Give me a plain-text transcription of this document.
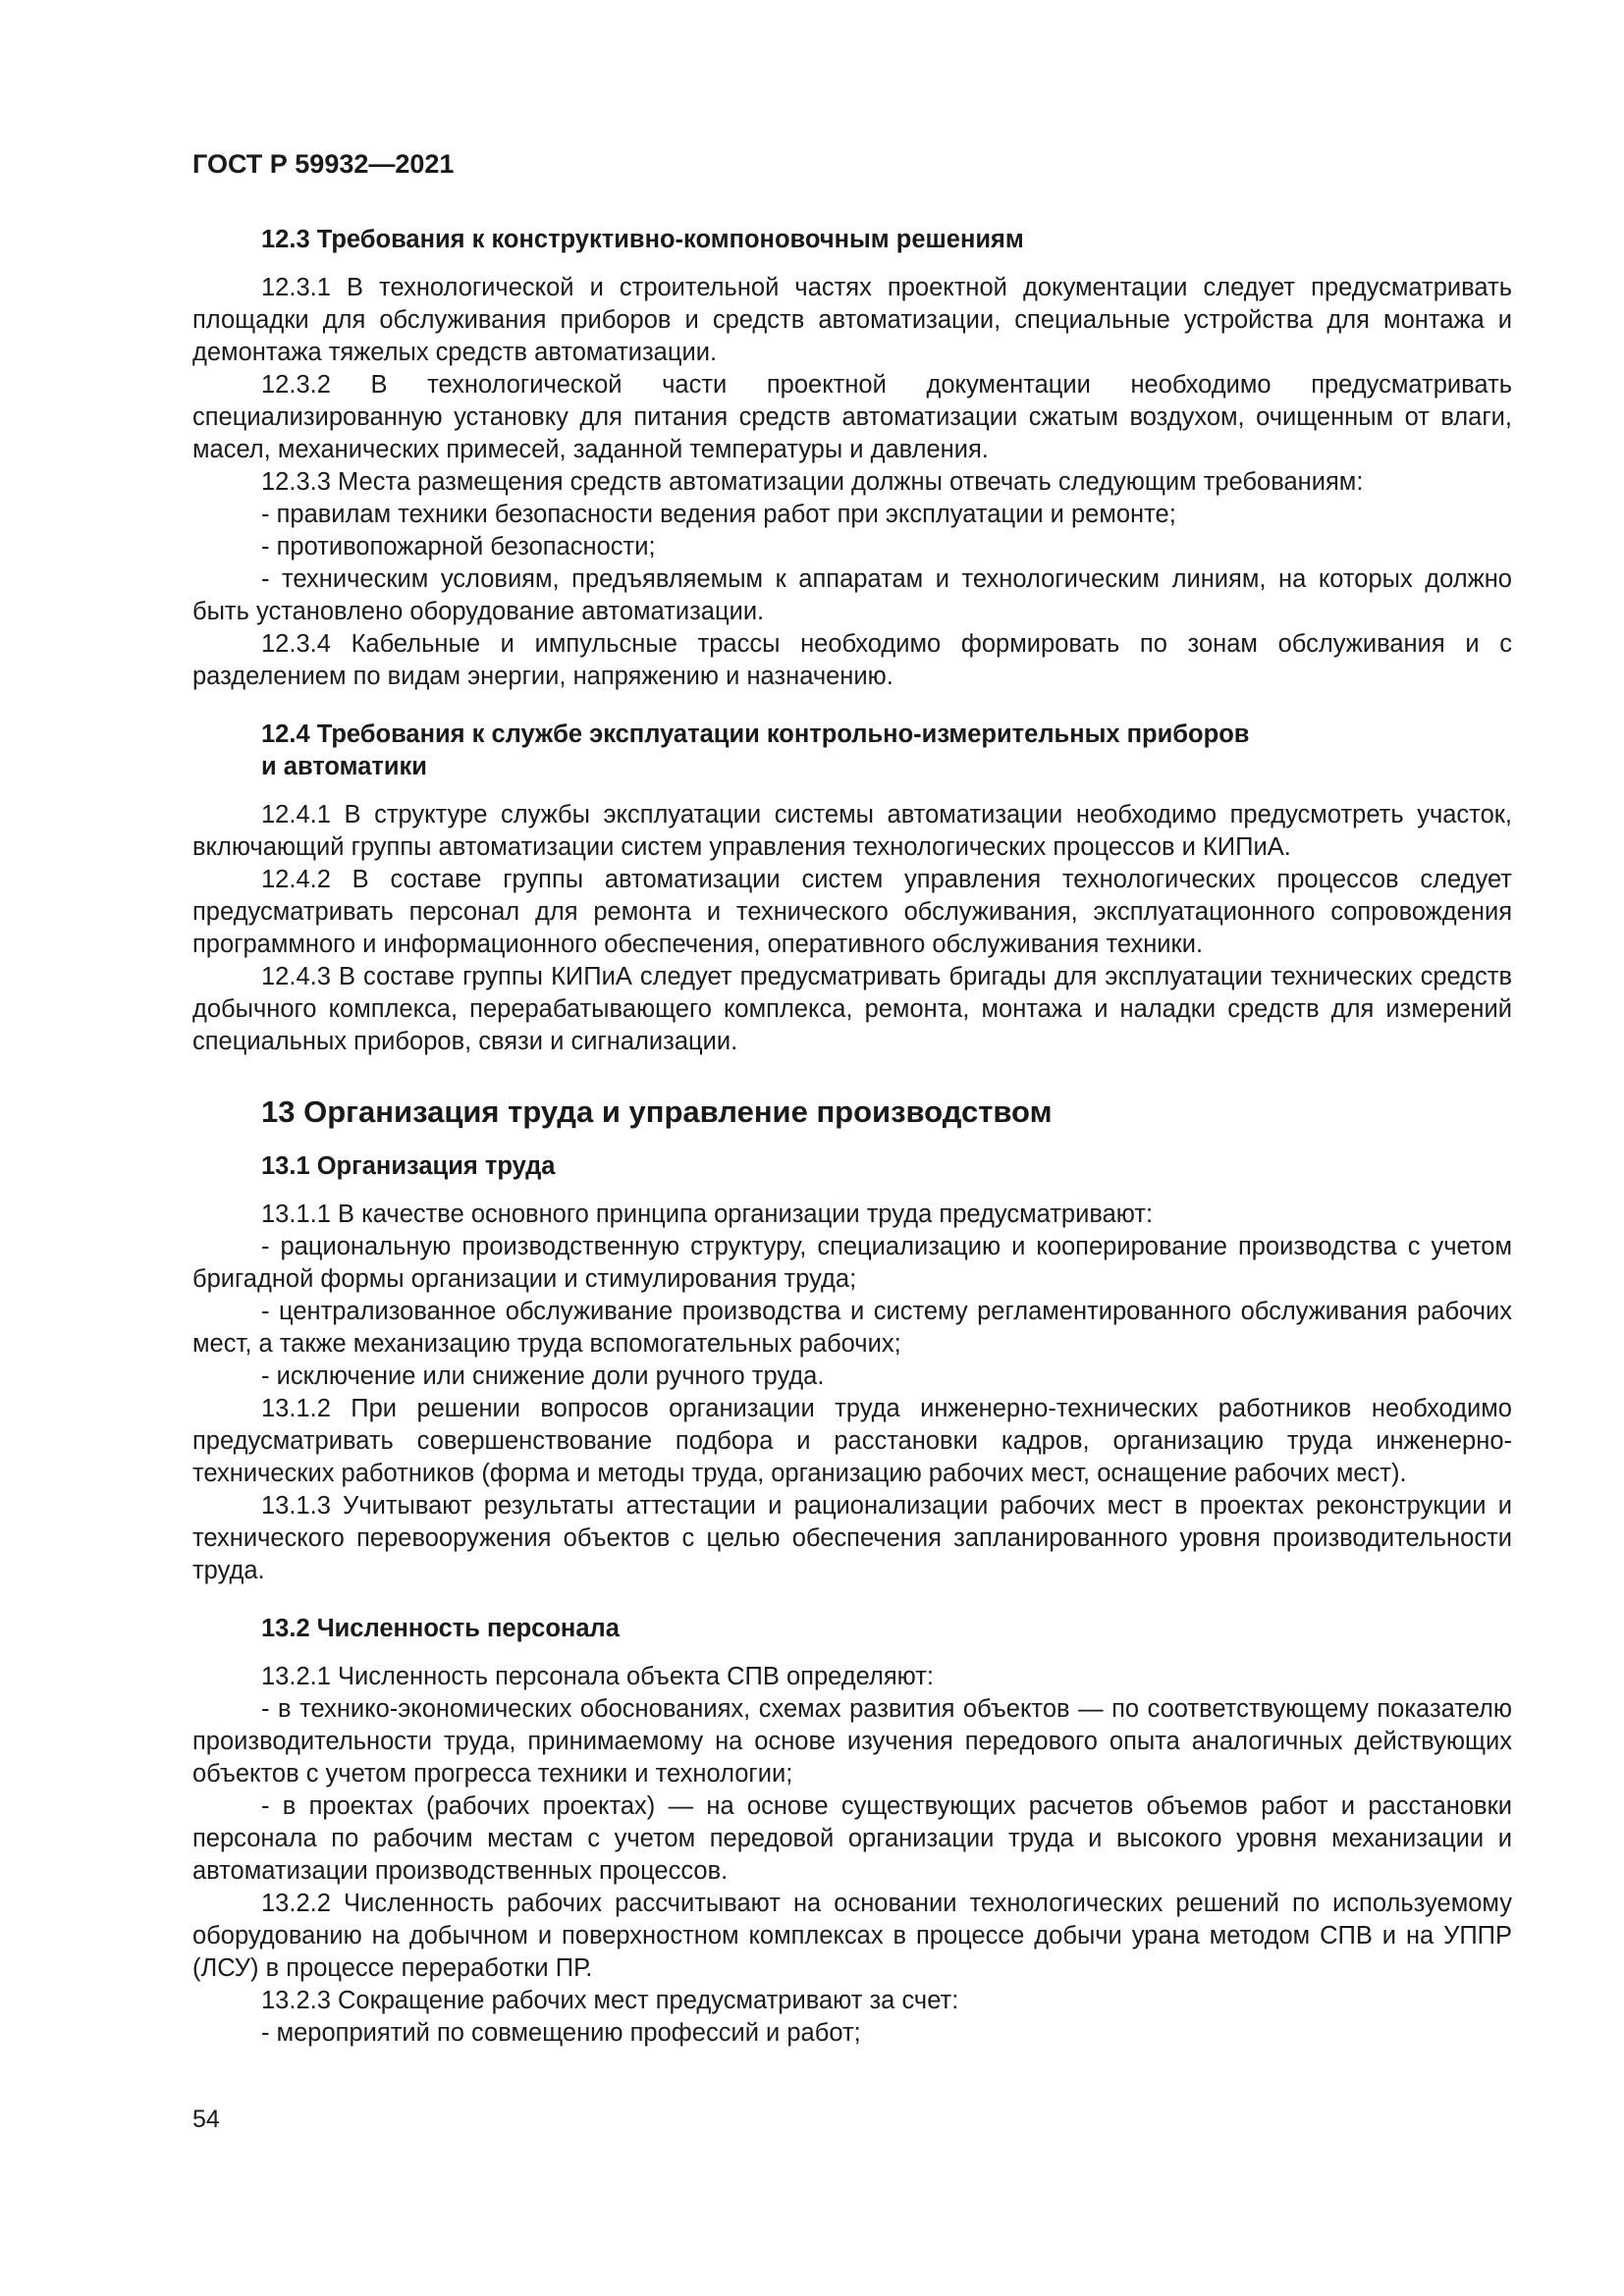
ГОСТ Р 59932—2021
12.3 Требования к конструктивно-компоновочным решениям

12.3.1 В технологической и строительной частях проектной документации следует предусматривать площадки для обслуживания приборов и средств автоматизации, специальные устройства для монтажа и демонтажа тяжелых средств автоматизации.

12.3.2 В технологической части проектной документации необходимо предусматривать специализированную установку для питания средств автоматизации сжатым воздухом, очищенным от влаги, масел, механических примесей, заданной температуры и давления.

12.3.3 Места размещения средств автоматизации должны отвечать следующим требованиям:

- правилам техники безопасности ведения работ при эксплуатации и ремонте;

- противопожарной безопасности;

- техническим условиям, предъявляемым к аппаратам и технологическим линиям, на которых должно быть установлено оборудование автоматизации.

12.3.4 Кабельные и импульсные трассы необходимо формировать по зонам обслуживания и с разделением по видам энергии, напряжению и назначению.

12.4 Требования к службе эксплуатации контрольно-измерительных приборов
и автоматики

12.4.1 В структуре службы эксплуатации системы автоматизации необходимо предусмотреть участок, включающий группы автоматизации систем управления технологических процессов и КИПиА.

12.4.2 В составе группы автоматизации систем управления технологических процессов следует предусматривать персонал для ремонта и технического обслуживания, эксплуатационного сопровождения программного и информационного обеспечения, оперативного обслуживания техники.

12.4.3 В составе группы КИПиА следует предусматривать бригады для эксплуатации технических средств добычного комплекса, перерабатывающего комплекса, ремонта, монтажа и наладки средств для измерений специальных приборов, связи и сигнализации.

13 Организация труда и управление производством
13.1 Организация труда

13.1.1 В качестве основного принципа организации труда предусматривают:

- рациональную производственную структуру, специализацию и кооперирование производства с учетом бригадной формы организации и стимулирования труда;

- централизованное обслуживание производства и систему регламентированного обслуживания рабочих мест, а также механизацию труда вспомогательных рабочих;

- исключение или снижение доли ручного труда.

13.1.2 При решении вопросов организации труда инженерно-технических работников необходимо предусматривать совершенствование подбора и расстановки кадров, организацию труда инженерно-технических работников (форма и методы труда, организацию рабочих мест, оснащение рабочих мест).

13.1.3 Учитывают результаты аттестации и рационализации рабочих мест в проектах реконструкции и технического перевооружения объектов с целью обеспечения запланированного уровня производительности труда.

13.2 Численность персонала

13.2.1 Численность персонала объекта СПВ определяют:

- в технико-экономических обоснованиях, схемах развития объектов — по соответствующему показателю производительности труда, принимаемому на основе изучения передового опыта аналогичных действующих объектов с учетом прогресса техники и технологии;

- в проектах (рабочих проектах) — на основе существующих расчетов объемов работ и расстановки персонала по рабочим местам с учетом передовой организации труда и высокого уровня механизации и автоматизации производственных процессов.

13.2.2 Численность рабочих рассчитывают на основании технологических решений по используемому оборудованию на добычном и поверхностном комплексах в процессе добычи урана методом СПВ и на УППР (ЛСУ) в процессе переработки ПР.

13.2.3 Сокращение рабочих мест предусматривают за счет:

- мероприятий по совмещению профессий и работ;

54
